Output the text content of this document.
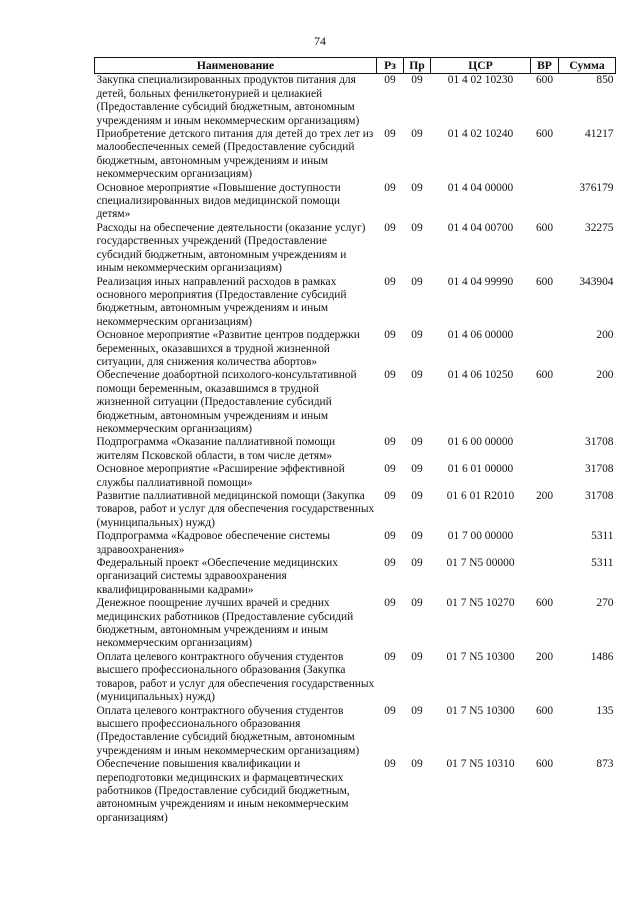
74
Наименование	Рз	Пр	ЦСР	ВР	Сумма
Закупка специализированных продуктов питания для детей, больных фенилкетонурией и целиакией (Предоставление субсидий бюджетным, автономным учреждениям и иным некоммерческим организациям)	09	09	01 4 02 10230	600	850
Приобретение детского питания для детей до трех лет из малообеспеченных семей (Предоставление субсидий бюджетным, автономным учреждениям и иным некоммерческим организациям)	09	09	01 4 02 10240	600	41217
Основное мероприятие «Повышение доступности специализированных видов медицинской помощи детям»	09	09	01 4 04 00000		376179
Расходы на обеспечение деятельности (оказание услуг) государственных учреждений (Предоставление субсидий бюджетным, автономным учреждениям и иным некоммерческим организациям)	09	09	01 4 04 00700	600	32275
Реализация иных направлений расходов в рамках основного мероприятия (Предоставление субсидий бюджетным, автономным учреждениям и иным некоммерческим организациям)	09	09	01 4 04 99990	600	343904
Основное мероприятие «Развитие центров поддержки беременных, оказавшихся в трудной жизненной ситуации, для снижения количества абортов»	09	09	01 4 06 00000		200
Обеспечение доабортной психолого-консультативной помощи беременным, оказавшимся в трудной жизненной ситуации (Предоставление субсидий бюджетным, автономным учреждениям и иным некоммерческим организациям)	09	09	01 4 06 10250	600	200
Подпрограмма «Оказание паллиативной помощи жителям Псковской области, в том числе детям»	09	09	01 6 00 00000		31708
Основное мероприятие «Расширение эффективной службы паллиативной помощи»	09	09	01 6 01 00000		31708
Развитие паллиативной медицинской помощи (Закупка товаров, работ и услуг для обеспечения государственных (муниципальных) нужд)	09	09	01 6 01 R2010	200	31708
Подпрограмма «Кадровое обеспечение системы здравоохранения»	09	09	01 7 00 00000		5311
Федеральный проект «Обеспечение медицинских организаций системы здравоохранения квалифицированными кадрами»	09	09	01 7 N5 00000		5311
Денежное поощрение лучших врачей и средних медицинских работников (Предоставление субсидий бюджетным, автономным учреждениям и иным некоммерческим организациям)	09	09	01 7 N5 10270	600	270
Оплата целевого контрактного обучения студентов высшего профессионального образования (Закупка товаров, работ и услуг для обеспечения государственных (муниципальных) нужд)	09	09	01 7 N5 10300	200	1486
Оплата целевого контрактного обучения студентов высшего профессионального образования (Предоставление субсидий бюджетным, автономным учреждениям и иным некоммерческим организациям)	09	09	01 7 N5 10300	600	135
Обеспечение повышения квалификации и переподготовки медицинских и фармацевтических работников (Предоставление субсидий бюджетным, автономным учреждениям и иным некоммерческим организациям)	09	09	01 7 N5 10310	600	873
